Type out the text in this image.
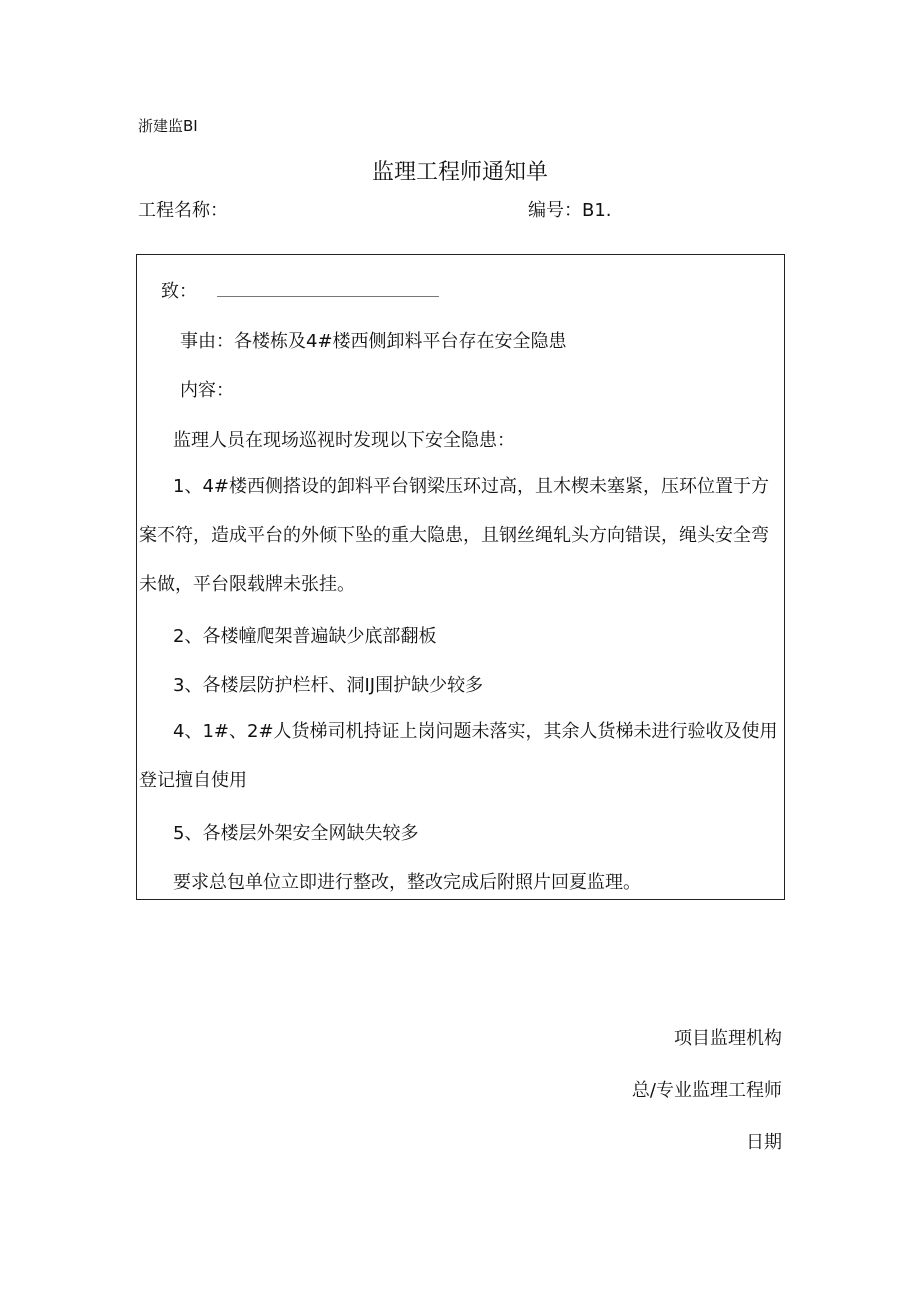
浙建监BI
监理工程师通知单
工程名称：	编号：B1.
致：
事由：各楼栋及4#楼西侧卸料平台存在安全隐患
内容：
监理人员在现场巡视时发现以下安全隐患：
1、4#楼西侧搭设的卸料平台钢梁压环过高，且木楔未塞紧，压环位置于方案不符，造成平台的外倾下坠的重大隐患，且钢丝绳轧头方向错误，绳头安全弯未做，平台限载牌未张挂。
2、各楼幢爬架普遍缺少底部翻板
3、各楼层防护栏杆、洞IJ围护缺少较多
4、1#、2#人货梯司机持证上岗问题未落实，其余人货梯未进行验收及使用登记擅自使用
5、各楼层外架安全网缺失较多
要求总包单位立即进行整改，整改完成后附照片回夏监理。
项目监理机构
总/专业监理工程师
日期
